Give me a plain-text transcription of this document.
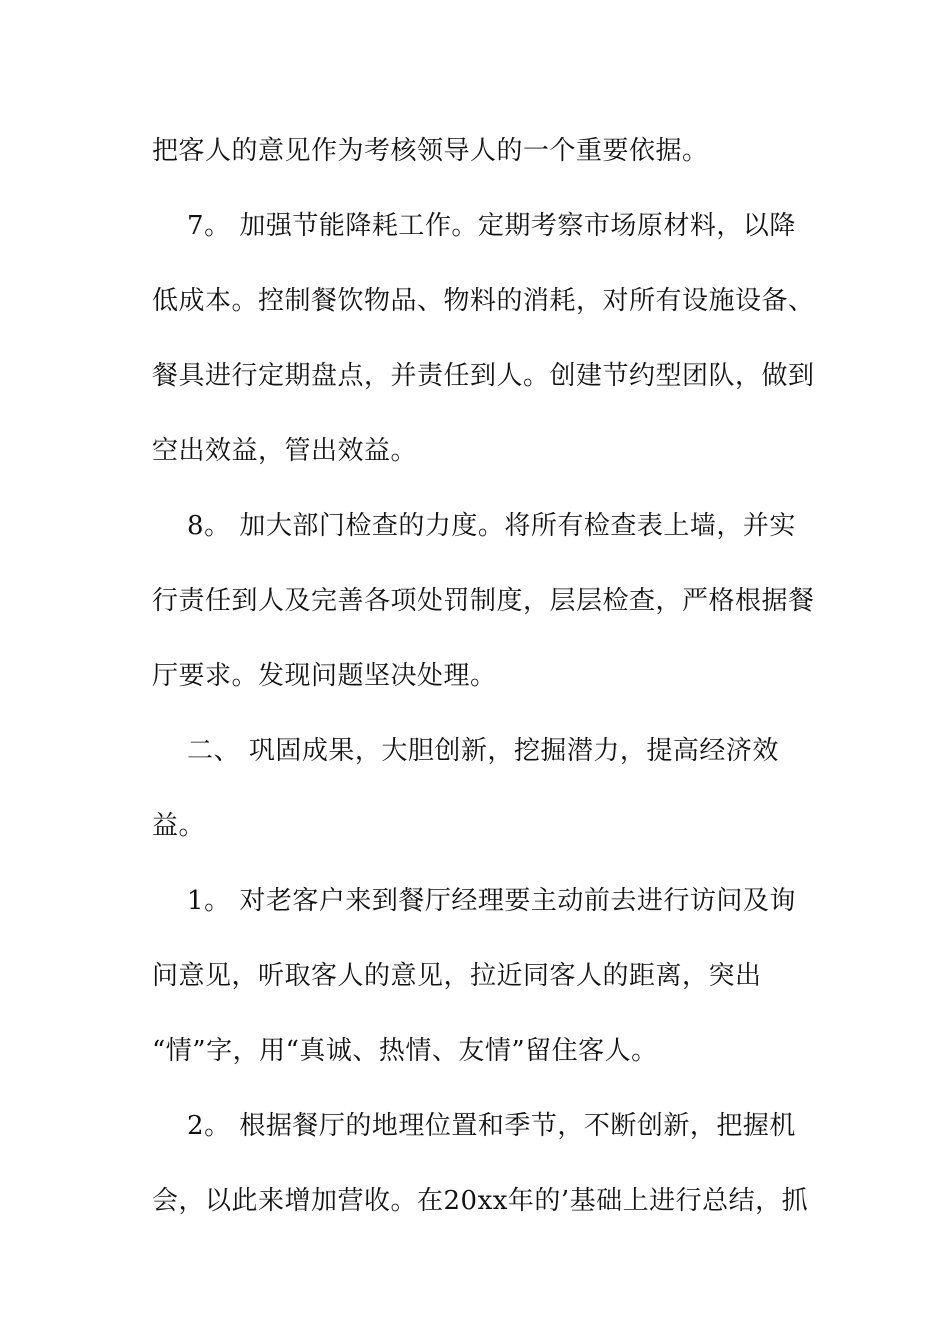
把客人的意见作为考核领导人的一个重要依据。
7。 加强节能降耗工作。定期考察市场原材料，以降
低成本。控制餐饮物品、物料的消耗，对所有设施设备、
餐具进行定期盘点，并责任到人。创建节约型团队，做到
空出效益，管出效益。
8。 加大部门检查的力度。将所有检查表上墙，并实
行责任到人及完善各项处罚制度，层层检查，严格根据餐
厅要求。发现问题坚决处理。
二、 巩固成果，大胆创新，挖掘潜力，提高经济效
益。
1。 对老客户来到餐厅经理要主动前去进行访问及询
问意见，听取客人的意见，拉近同客人的距离，突出
“情”字，用“真诚、热情、友情”留住客人。
2。 根据餐厅的地理位置和季节，不断创新，把握机
会，以此来增加营收。在20xx年的’基础上进行总结，抓
